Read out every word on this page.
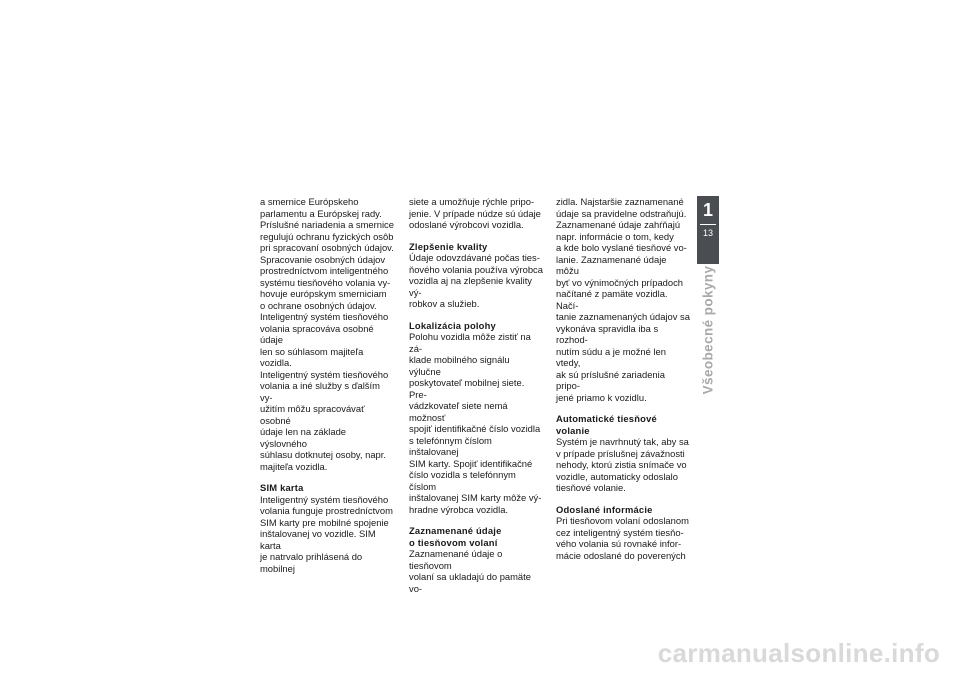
a smernice Európskeho
parlamentu a Európskej rady.
Príslušné nariadenia a smernice
regulujú ochranu fyzických osôb
pri spracovaní osobných údajov.
Spracovanie osobných údajov
prostredníctvom inteligentného
systému tiesňového volania vy-
hovuje európskym smerniciam
o ochrane osobných údajov.
Inteligentný systém tiesňového
volania spracováva osobné údaje
len so súhlasom majiteľa vozidla.
Inteligentný systém tiesňového
volania a iné služby s ďalším vy-
užitím môžu spracovávať osobné
údaje len na základe výslovného
súhlasu dotknutej osoby, napr.
majiteľa vozidla.

SIM karta

Inteligentný systém tiesňového
volania funguje prostredníctvom
SIM karty pre mobilné spojenie
inštalovanej vo vozidle. SIM karta
je natrvalo prihlásená do mobilnej

siete a umožňuje rýchle pripo-
jenie. V prípade núdze sú údaje
odoslané výrobcovi vozidla.

Zlepšenie kvality

Údaje odovzdávané počas ties-
ňového volania používa výrobca
vozidla aj na zlepšenie kvality vý-
robkov a služieb.

Lokalizácia polohy

Polohu vozidla môže zistiť na zá-
klade mobilného signálu výlučne
poskytovateľ mobilnej siete. Pre-
vádzkovateľ siete nemá možnosť
spojiť identifikačné číslo vozidla
s telefónnym číslom inštalovanej
SIM karty. Spojiť identifikačné
číslo vozidla s telefónnym číslom
inštalovanej SIM karty môže vý-
hradne výrobca vozidla.

Zaznamenané údaje
o tiesňovom volaní

Zaznamenané údaje o tiesňovom
volaní sa ukladajú do pamäte vo-

zidla. Najstaršie zaznamenané
údaje sa pravidelne odstraňujú.
Zaznamenané údaje zahŕňajú
napr. informácie o tom, kedy
a kde bolo vyslané tiesňové vo-
lanie. Zaznamenané údaje môžu
byť vo výnimočných prípadoch
načítané z pamäte vozidla. Načí-
tanie zaznamenaných údajov sa
vykonáva spravidla iba s rozhod-
nutím súdu a je možné len vtedy,
ak sú príslušné zariadenia pripo-
jené priamo k vozidlu.

Automatické tiesňové volanie

Systém je navrhnutý tak, aby sa
v prípade príslušnej závažnosti
nehody, ktorú zistia snímače vo
vozidle, automaticky odoslalo
tiesňové volanie.

Odoslané informácie

Pri tiesňovom volaní odoslanom
cez inteligentný systém tiesňo-
vého volania sú rovnaké infor-
mácie odoslané do poverených

1
13
Všeobecné pokyny
carmanualsonline.info
